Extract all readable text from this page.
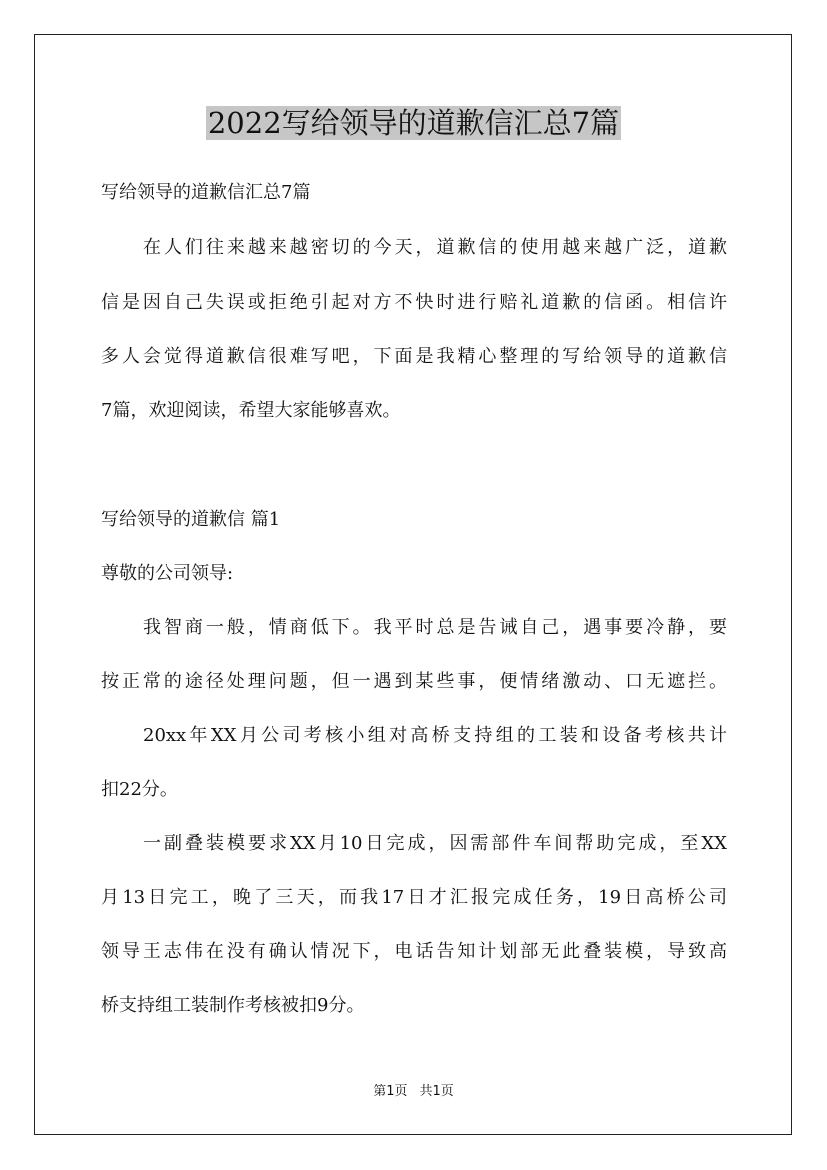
2022写给领导的道歉信汇总7篇
写给领导的道歉信汇总7篇
在人们往来越来越密切的今天，道歉信的使用越来越广泛，道歉
信是因自己失误或拒绝引起对方不快时进行赔礼道歉的信函。相信许
多人会觉得道歉信很难写吧，下面是我精心整理的写给领导的道歉信
7篇，欢迎阅读，希望大家能够喜欢。
写给领导的道歉信 篇1
尊敬的公司领导:
我智商一般，情商低下。我平时总是告诫自己，遇事要冷静，要
按正常的途径处理问题，但一遇到某些事，便情绪激动、口无遮拦。
20xx年XX月公司考核小组对高桥支持组的工装和设备考核共计
扣22分。
一副叠装模要求XX月10日完成，因需部件车间帮助完成，至XX
月13日完工，晚了三天，而我17日才汇报完成任务，19日高桥公司
领导王志伟在没有确认情况下，电话告知计划部无此叠装模，导致高
桥支持组工装制作考核被扣9分。
第1页 共1页
